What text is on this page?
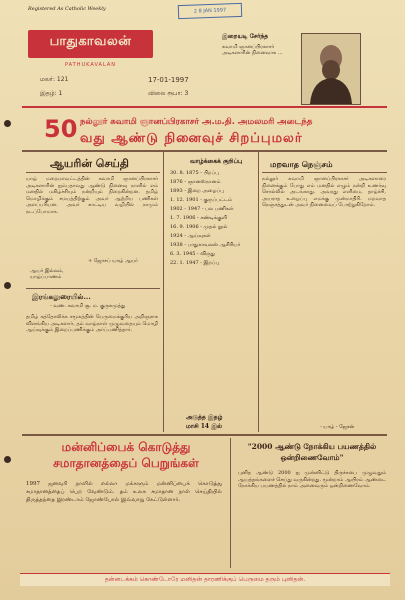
Registered As Catholic Weekly	2 8 JAN 1997
பாதுகாவலன்
PATHUKAVALAN
மலர்: 121	17-01-1997
இதழ்: 1	விலை ரூபா: 3
இறையடி சேர்ந்த
சுவாமி ஞானப்பிரகாசர் அடிகளாரின் நினைவாக ...
50 நல்லூர் சுவாமி ஞானப்பிரகாசர் அ.ம.தி. அமலமரி அடைந்த
வது ஆண்டு நினைவுச் சிறப்புமலர்
ஆயரின் செய்தி
யாழ் மறைமாவட்டத்தின் சுவாமி ஞானப்பிரகாசர் அடிகளாரின் ஐம்பதாவது ஆண்டு நினைவு நாளில் எம் மனதில் மகிழ்ச்சியும் நன்றியும் நிறைகின்றன. தமிழ் மொழிக்கும் சமயத்திற்கும் அவர் ஆற்றிய பணிகள் அளப்பரியன. அவர் காட்டிய வழியில் நாமும் நடப்போமாக.
+ ஜோசப் யாழ் ஆயர்
ஆயர் இல்லம், யாழ்ப்பாணம்
இரங்கலுரையில்...
- வண. சுவாமி சூ. ம. குருசுமுத்து
தமிழ் கத்தோலிக்க சமூகத்தின் பெருமைக்குரிய அறிஞராக விளங்கிய அடிகளார், தம் வாழ்நாள் முழுவதையும் மொழி ஆய்வுக்கும் இறைப்பணிக்கும் அர்ப்பணித்தார்.
வாழ்க்கைக் குறிப்பு
30. 8. 1875 - பிறப்பு
1876 - ஞானஸ்நானம்
1893 - இறை அழைப்பு
1. 12. 1901 - குருப்பட்டம்
1902 - 1947 - பல பணிகள்
1. 7. 1906 - சுண்டிக்குளி
16. 9. 1906 - முதல் நூல்
1924 - ஆய்வுகள்
1938 - பாதுகாவலன் ஆசிரியர்
6. 3. 1945 - விருது
22. 1. 1947 - இறப்பு
அடுத்த இதழ்
மாசி 14 இல்
மறவாத நெஞ்சம்
நல்லூர் சுவாமி ஞானப்பிரகாசர் அடிகளாரை நினைக்கும் போது எம் மனதில் எழும் நன்றி உணர்வு சொல்லில் அடங்காது. அவரது எளிமை, தாழ்ச்சி, அயராத உழைப்பு எமக்கு முன்மாதிரி. மறவாத நெஞ்சத்துடன் அவர் நினைவைப் போற்றுகிறோம்.
- யாழ் - ஜேசன்
மன்னிப்பைக் கொடுத்து
சமாதானத்தைப் பெறுங்கள்
1997 ஜனவரி நாளில் எல்லா மக்களும் மன்னிப்பைக் கொடுத்து சமாதானத்தைப் பெற வேண்டும். தம் உலக சமாதான நாள் செய்தியில் திருத்தந்தை இரண்டாம் ஜோண்போல் இவ்வாறு கேட்டுள்ளார்.
"2000 ஆண்டு நோக்கிய பயணத்தில்
ஒன்றிணைவோம்"
புனித ஆண்டு 2000 ஐ முன்னிட்டு திருச்சபை முழுவதும் ஆயத்தங்களைச் செய்து வருகின்றது. மூன்றாம் ஆயிரம் ஆண்டை நோக்கிய பயணத்தில் நாம் அனைவரும் ஒன்றிணைவோம்.
தன்னடக்கம் கொண்டோரே மனிதன் தாரணிக்குப் பெருமை தரும் புனிதன்.
